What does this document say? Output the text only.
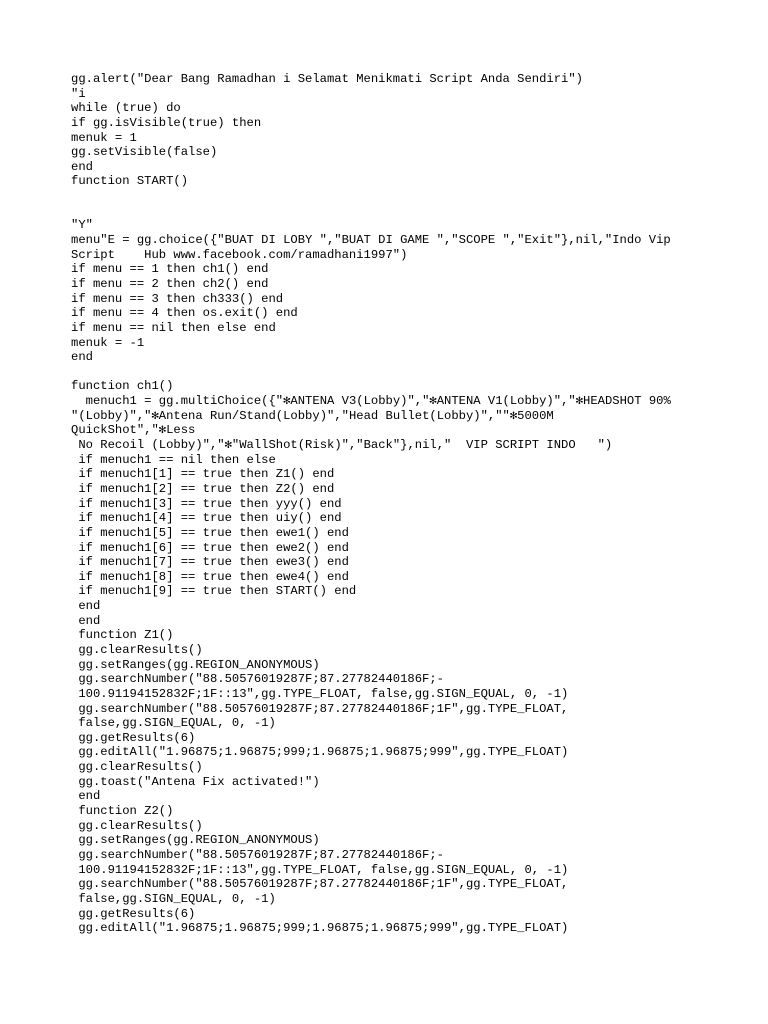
gg.alert("Dear Bang Ramadhan i Selamat Menikmati Script Anda Sendiri")
"i
while (true) do
if gg.isVisible(true) then
menuk = 1
gg.setVisible(false)
end
function START()
"Y"
menu"E = gg.choice({"BUAT DI LOBY ","BUAT DI GAME ","SCOPE ","Exit"},nil,"Indo Vip
Script    Hub www.facebook.com/ramadhani1997")
if menu == 1 then ch1() end
if menu == 2 then ch2() end
if menu == 3 then ch333() end
if menu == 4 then os.exit() end
if menu == nil then else end
menuk = -1
end
function ch1()
menuch1 = gg.multiChoice({"✻ANTENA V3(Lobby)","✻ANTENA V1(Lobby)","✻HEADSHOT 90%
"(Lobby)","✻Antena Run/Stand(Lobby)","Head Bullet(Lobby)",""✻5000M
QuickShot","✻Less
No Recoil (Lobby)","✻"WallShot(Risk)","Back"},nil,"  VIP SCRIPT INDO   ")
if menuch1 == nil then else
if menuch1[1] == true then Z1() end
if menuch1[2] == true then Z2() end
if menuch1[3] == true then yyy() end
if menuch1[4] == true then uiy() end
if menuch1[5] == true then ewe1() end
if menuch1[6] == true then ewe2() end
if menuch1[7] == true then ewe3() end
if menuch1[8] == true then ewe4() end
if menuch1[9] == true then START() end
end
end
function Z1()
gg.clearResults()
gg.setRanges(gg.REGION_ANONYMOUS)
gg.searchNumber("88.50576019287F;87.27782440186F;-
100.91194152832F;1F::13",gg.TYPE_FLOAT, false,gg.SIGN_EQUAL, 0, -1)
gg.searchNumber("88.50576019287F;87.27782440186F;1F",gg.TYPE_FLOAT,
false,gg.SIGN_EQUAL, 0, -1)
gg.getResults(6)
gg.editAll("1.96875;1.96875;999;1.96875;1.96875;999",gg.TYPE_FLOAT)
gg.clearResults()
gg.toast("Antena Fix activated!")
end
function Z2()
gg.clearResults()
gg.setRanges(gg.REGION_ANONYMOUS)
gg.searchNumber("88.50576019287F;87.27782440186F;-
100.91194152832F;1F::13",gg.TYPE_FLOAT, false,gg.SIGN_EQUAL, 0, -1)
gg.searchNumber("88.50576019287F;87.27782440186F;1F",gg.TYPE_FLOAT,
false,gg.SIGN_EQUAL, 0, -1)
gg.getResults(6)
gg.editAll("1.96875;1.96875;999;1.96875;1.96875;999",gg.TYPE_FLOAT)
